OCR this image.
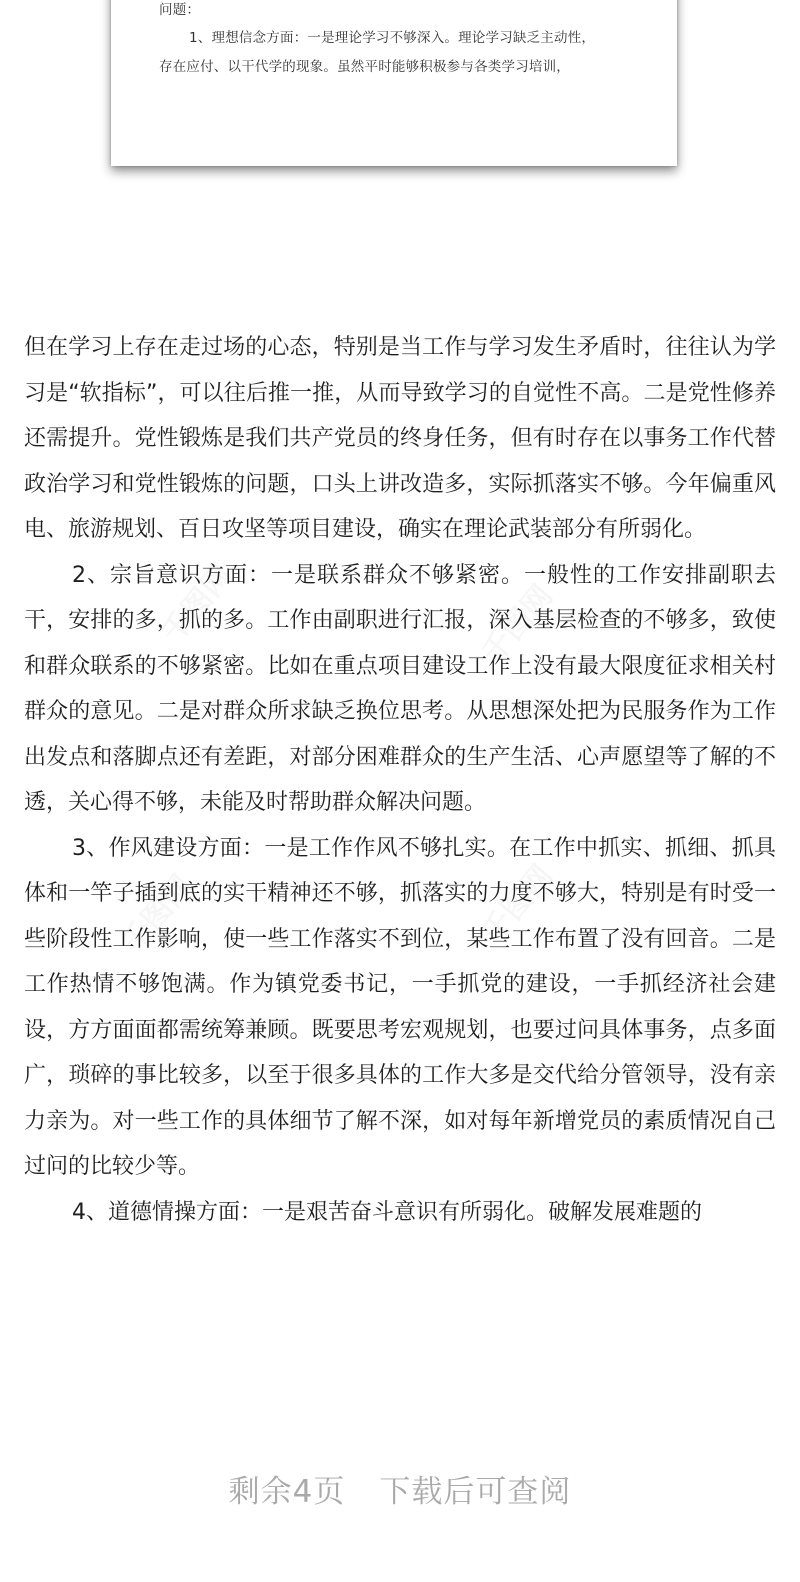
问题：
1、理想信念方面：一是理论学习不够深入。理论学习缺乏主动性，
存在应付、以干代学的现象。虽然平时能够积极参与各类学习培训，

但在学习上存在走过场的心态，特别是当工作与学习发生矛盾时，往往认为学习是“软指标”，可以往后推一推，从而导致学习的自觉性不高。二是党性修养还需提升。党性锻炼是我们共产党员的终身任务，但有时存在以事务工作代替政治学习和党性锻炼的问题，口头上讲改造多，实际抓落实不够。今年偏重风电、旅游规划、百日攻坚等项目建设，确实在理论武装部分有所弱化。

2、宗旨意识方面：一是联系群众不够紧密。一般性的工作安排副职去干，安排的多，抓的多。工作由副职进行汇报，深入基层检查的不够多，致使和群众联系的不够紧密。比如在重点项目建设工作上没有最大限度征求相关村群众的意见。二是对群众所求缺乏换位思考。从思想深处把为民服务作为工作出发点和落脚点还有差距，对部分困难群众的生产生活、心声愿望等了解的不透，关心得不够，未能及时帮助群众解决问题。

3、作风建设方面：一是工作作风不够扎实。在工作中抓实、抓细、抓具体和一竿子插到底的实干精神还不够，抓落实的力度不够大，特别是有时受一些阶段性工作影响，使一些工作落实不到位，某些工作布置了没有回音。二是工作热情不够饱满。作为镇党委书记，一手抓党的建设，一手抓经济社会建设，方方面面都需统筹兼顾。既要思考宏观规划，也要过问具体事务，点多面广，琐碎的事比较多，以至于很多具体的工作大多是交代给分管领导，没有亲力亲为。对一些工作的具体细节了解不深，如对每年新增党员的素质情况自己过问的比较少等。

4、道德情操方面：一是艰苦奋斗意识有所弱化。破解发展难题的

剩余4页 下载后可查阅
